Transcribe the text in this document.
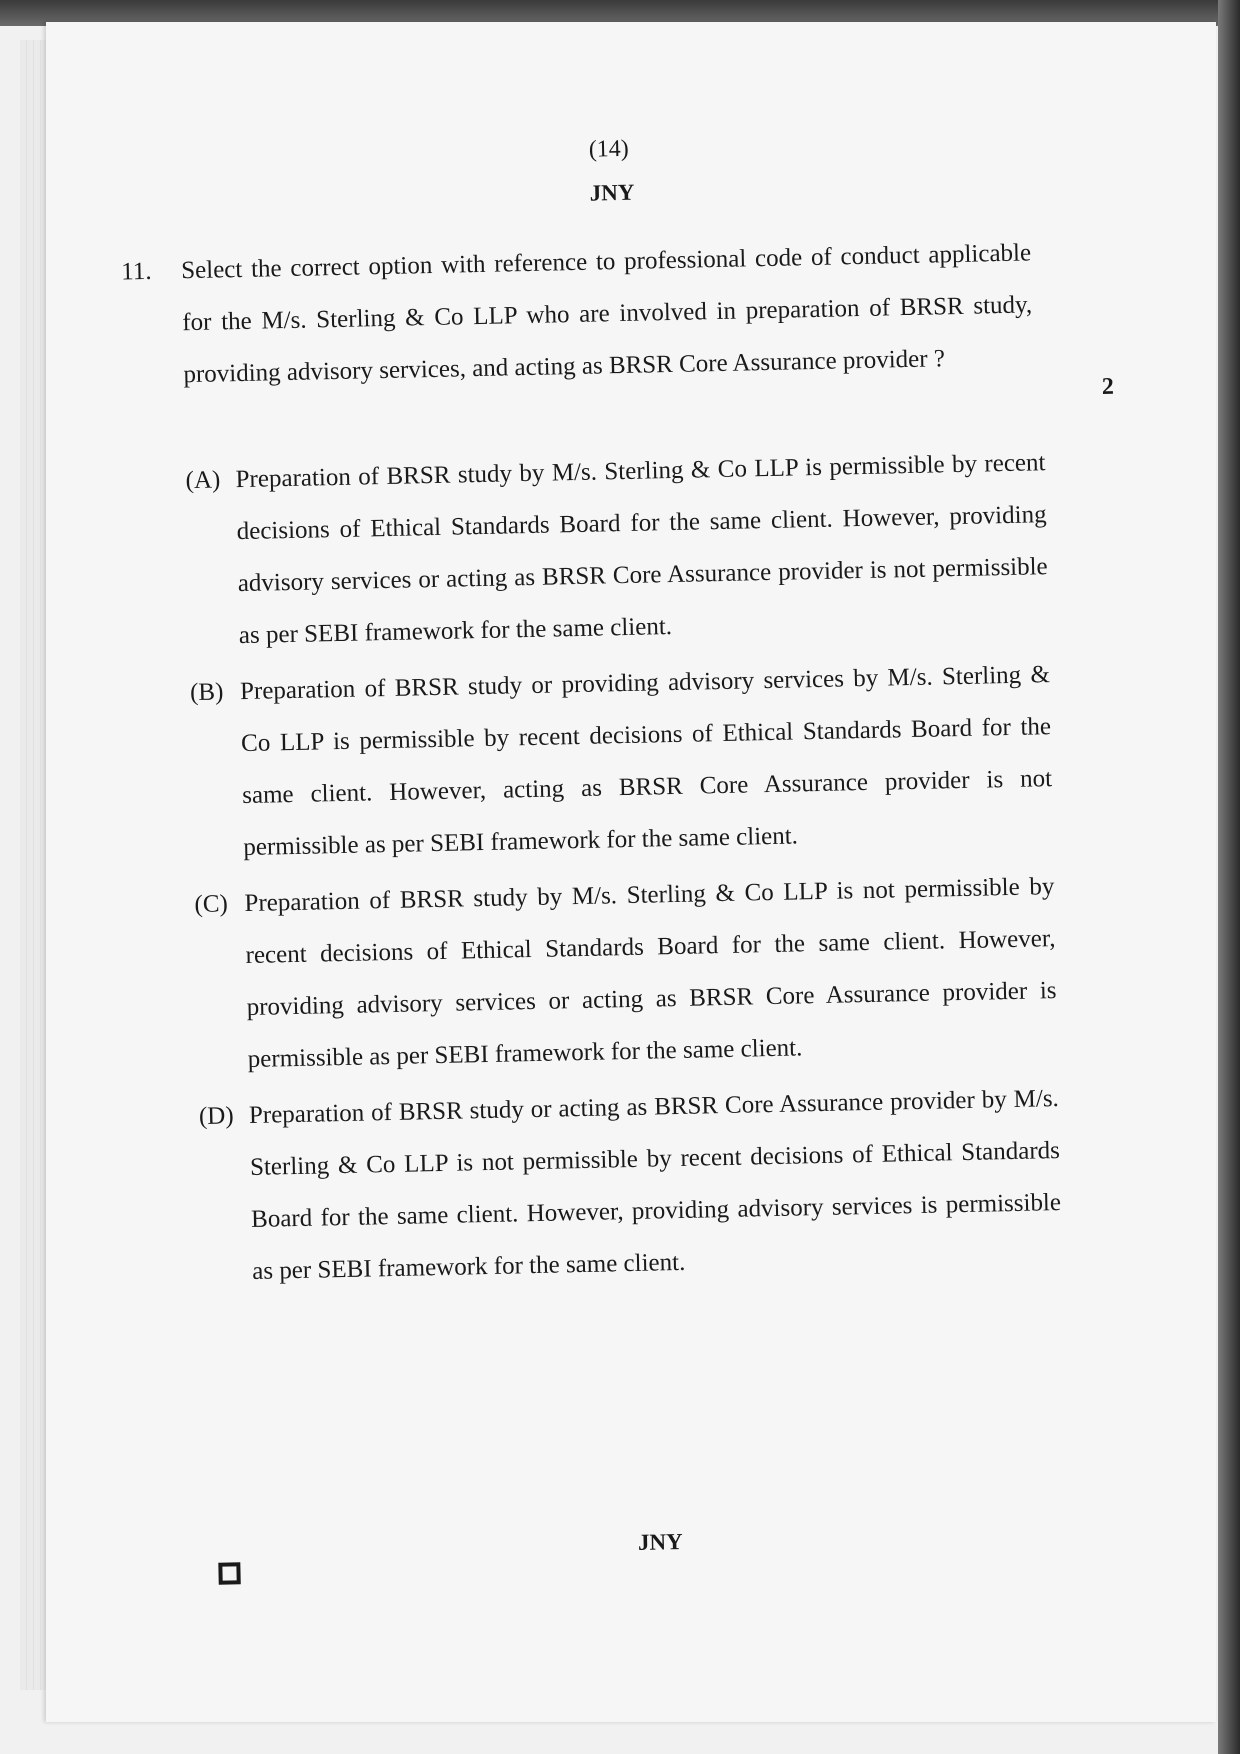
(14)
JNY
2
11. Select the correct option with reference to professional code of conduct applicable for the M/s. Sterling & Co LLP who are involved in preparation of BRSR study, providing advisory services, and acting as BRSR Core Assurance provider ?
(A) Preparation of BRSR study by M/s. Sterling & Co LLP is permissible by recent decisions of Ethical Standards Board for the same client. However, providing advisory services or acting as BRSR Core Assurance provider is not permissible as per SEBI framework for the same client.
(B) Preparation of BRSR study or providing advisory services by M/s. Sterling & Co LLP is permissible by recent decisions of Ethical Standards Board for the same client. However, acting as BRSR Core Assurance provider is not permissible as per SEBI framework for the same client.
(C) Preparation of BRSR study by M/s. Sterling & Co LLP is not permissible by recent decisions of Ethical Standards Board for the same client. However, providing advisory services or acting as BRSR Core Assurance provider is permissible as per SEBI framework for the same client.
(D) Preparation of BRSR study or acting as BRSR Core Assurance provider by M/s. Sterling & Co LLP is not permissible by recent decisions of Ethical Standards Board for the same client. However, providing advisory services is permissible as per SEBI framework for the same client.
JNY
